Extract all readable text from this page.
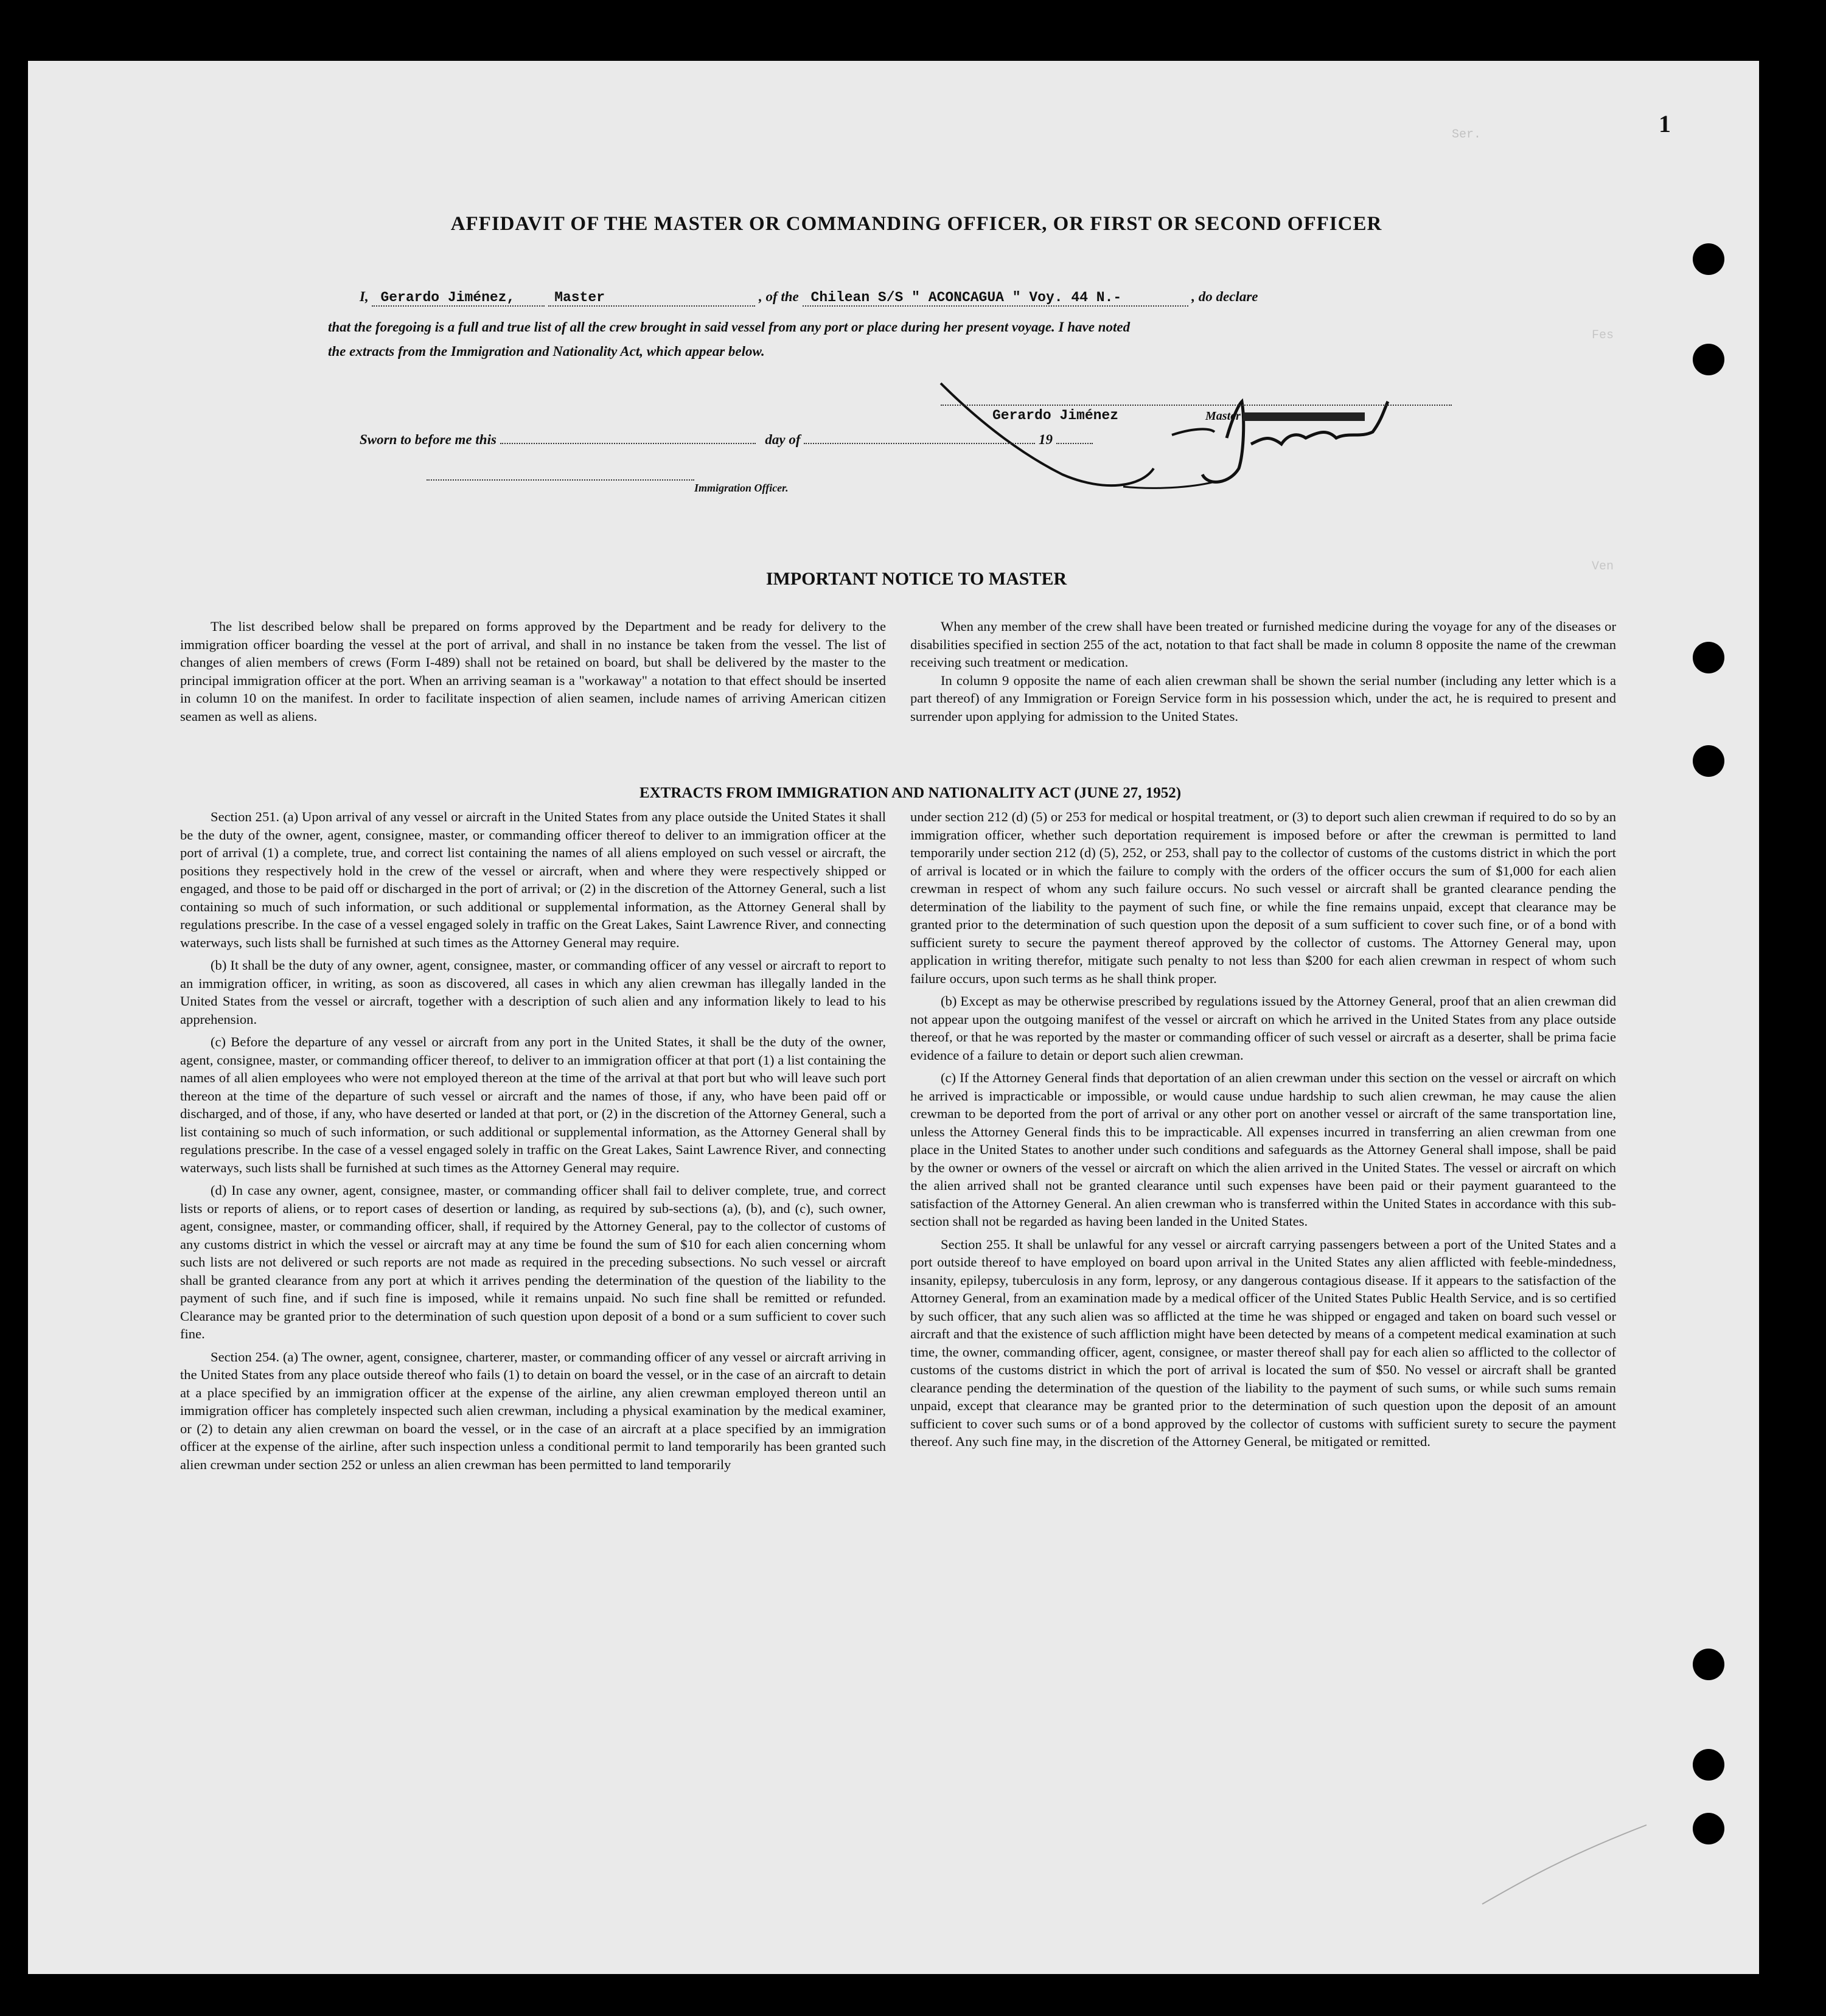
Ser.
Fes
Ven
1
AFFIDAVIT OF THE MASTER OR COMMANDING OFFICER, OR FIRST OR SECOND OFFICER
I, Gerardo Jiménez,	Master	, of the Chilean S/S " ACONCAGUA " Voy. 44 N.-	, do declare
that the foregoing is a full and true list of all the crew brought in said vessel from any port or place during her present voyage. I have noted
the extracts from the Immigration and Nationality Act, which appear below.
Gerardo Jiménez	Master
Sworn to before me this	day of	19
Immigration Officer.
IMPORTANT NOTICE TO MASTER

The list described below shall be prepared on forms approved by the Department and be ready for delivery to the immigration officer boarding the vessel at the port of arrival, and shall in no instance be taken from the vessel. The list of changes of alien members of crews (Form I-489) shall not be retained on board, but shall be delivered by the master to the principal immigration officer at the port. When an arriving seaman is a "workaway" a notation to that effect should be inserted in column 10 on the manifest. In order to facilitate inspection of alien seamen, include names of arriving American citizen seamen as well as aliens.

When any member of the crew shall have been treated or furnished medicine during the voyage for any of the diseases or disabilities specified in section 255 of the act, notation to that fact shall be made in column 8 opposite the name of the crewman receiving such treatment or medication.

In column 9 opposite the name of each alien crewman shall be shown the serial number (including any letter which is a part thereof) of any Immigration or Foreign Service form in his possession which, under the act, he is required to present and surrender upon applying for admission to the United States.

EXTRACTS FROM IMMIGRATION AND NATIONALITY ACT (JUNE 27, 1952)

Section 251. (a) Upon arrival of any vessel or aircraft in the United States from any place outside the United States it shall be the duty of the owner, agent, consignee, master, or commanding officer thereof to deliver to an immigration officer at the port of arrival (1) a complete, true, and correct list containing the names of all aliens employed on such vessel or aircraft, the positions they respectively hold in the crew of the vessel or aircraft, when and where they were respectively shipped or engaged, and those to be paid off or discharged in the port of arrival; or (2) in the discretion of the Attorney General, such a list containing so much of such information, or such additional or supplemental information, as the Attorney General shall by regulations prescribe. In the case of a vessel engaged solely in traffic on the Great Lakes, Saint Lawrence River, and connecting waterways, such lists shall be furnished at such times as the Attorney General may require.

(b) It shall be the duty of any owner, agent, consignee, master, or commanding officer of any vessel or aircraft to report to an immigration officer, in writing, as soon as discovered, all cases in which any alien crewman has illegally landed in the United States from the vessel or aircraft, together with a description of such alien and any information likely to lead to his apprehension.

(c) Before the departure of any vessel or aircraft from any port in the United States, it shall be the duty of the owner, agent, consignee, master, or commanding officer thereof, to deliver to an immigration officer at that port (1) a list containing the names of all alien employees who were not employed thereon at the time of the arrival at that port but who will leave such port thereon at the time of the departure of such vessel or aircraft and the names of those, if any, who have been paid off or discharged, and of those, if any, who have deserted or landed at that port, or (2) in the discretion of the Attorney General, such a list containing so much of such information, or such additional or supplemental information, as the Attorney General shall by regulations prescribe. In the case of a vessel engaged solely in traffic on the Great Lakes, Saint Lawrence River, and connecting waterways, such lists shall be furnished at such times as the Attorney General may require.

(d) In case any owner, agent, consignee, master, or commanding officer shall fail to deliver complete, true, and correct lists or reports of aliens, or to report cases of desertion or landing, as required by sub-sections (a), (b), and (c), such owner, agent, consignee, master, or commanding officer, shall, if required by the Attorney General, pay to the collector of customs of any customs district in which the vessel or aircraft may at any time be found the sum of $10 for each alien concerning whom such lists are not delivered or such reports are not made as required in the preceding subsections. No such vessel or aircraft shall be granted clearance from any port at which it arrives pending the determination of the question of the liability to the payment of such fine, and if such fine is imposed, while it remains unpaid. No such fine shall be remitted or refunded. Clearance may be granted prior to the determination of such question upon deposit of a bond or a sum sufficient to cover such fine.

Section 254. (a) The owner, agent, consignee, charterer, master, or commanding officer of any vessel or aircraft arriving in the United States from any place outside thereof who fails (1) to detain on board the vessel, or in the case of an aircraft to detain at a place specified by an immigration officer at the expense of the airline, any alien crewman employed thereon until an immigration officer has completely inspected such alien crewman, including a physical examination by the medical examiner, or (2) to detain any alien crewman on board the vessel, or in the case of an aircraft at a place specified by an immigration officer at the expense of the airline, after such inspection unless a conditional permit to land temporarily has been granted such alien crewman under section 252 or unless an alien crewman has been permitted to land temporarily

under section 212 (d) (5) or 253 for medical or hospital treatment, or (3) to deport such alien crewman if required to do so by an immigration officer, whether such deportation requirement is imposed before or after the crewman is permitted to land temporarily under section 212 (d) (5), 252, or 253, shall pay to the collector of customs of the customs district in which the port of arrival is located or in which the failure to comply with the orders of the officer occurs the sum of $1,000 for each alien crewman in respect of whom any such failure occurs. No such vessel or aircraft shall be granted clearance pending the determination of the liability to the payment of such fine, or while the fine remains unpaid, except that clearance may be granted prior to the determination of such question upon the deposit of a sum sufficient to cover such fine, or of a bond with sufficient surety to secure the payment thereof approved by the collector of customs. The Attorney General may, upon application in writing therefor, mitigate such penalty to not less than $200 for each alien crewman in respect of whom such failure occurs, upon such terms as he shall think proper.

(b) Except as may be otherwise prescribed by regulations issued by the Attorney General, proof that an alien crewman did not appear upon the outgoing manifest of the vessel or aircraft on which he arrived in the United States from any place outside thereof, or that he was reported by the master or commanding officer of such vessel or aircraft as a deserter, shall be prima facie evidence of a failure to detain or deport such alien crewman.

(c) If the Attorney General finds that deportation of an alien crewman under this section on the vessel or aircraft on which he arrived is impracticable or impossible, or would cause undue hardship to such alien crewman, he may cause the alien crewman to be deported from the port of arrival or any other port on another vessel or aircraft of the same transportation line, unless the Attorney General finds this to be impracticable. All expenses incurred in transferring an alien crewman from one place in the United States to another under such conditions and safeguards as the Attorney General shall impose, shall be paid by the owner or owners of the vessel or aircraft on which the alien arrived in the United States. The vessel or aircraft on which the alien arrived shall not be granted clearance until such expenses have been paid or their payment guaranteed to the satisfaction of the Attorney General. An alien crewman who is transferred within the United States in accordance with this sub-section shall not be regarded as having been landed in the United States.

Section 255. It shall be unlawful for any vessel or aircraft carrying passengers between a port of the United States and a port outside thereof to have employed on board upon arrival in the United States any alien afflicted with feeble-mindedness, insanity, epilepsy, tuberculosis in any form, leprosy, or any dangerous contagious disease. If it appears to the satisfaction of the Attorney General, from an examination made by a medical officer of the United States Public Health Service, and is so certified by such officer, that any such alien was so afflicted at the time he was shipped or engaged and taken on board such vessel or aircraft and that the existence of such affliction might have been detected by means of a competent medical examination at such time, the owner, commanding officer, agent, consignee, or master thereof shall pay for each alien so afflicted to the collector of customs of the customs district in which the port of arrival is located the sum of $50. No vessel or aircraft shall be granted clearance pending the determination of the question of the liability to the payment of such sums, or while such sums remain unpaid, except that clearance may be granted prior to the determination of such question upon the deposit of an amount sufficient to cover such sums or of a bond approved by the collector of customs with sufficient surety to secure the payment thereof. Any such fine may, in the discretion of the Attorney General, be mitigated or remitted.
